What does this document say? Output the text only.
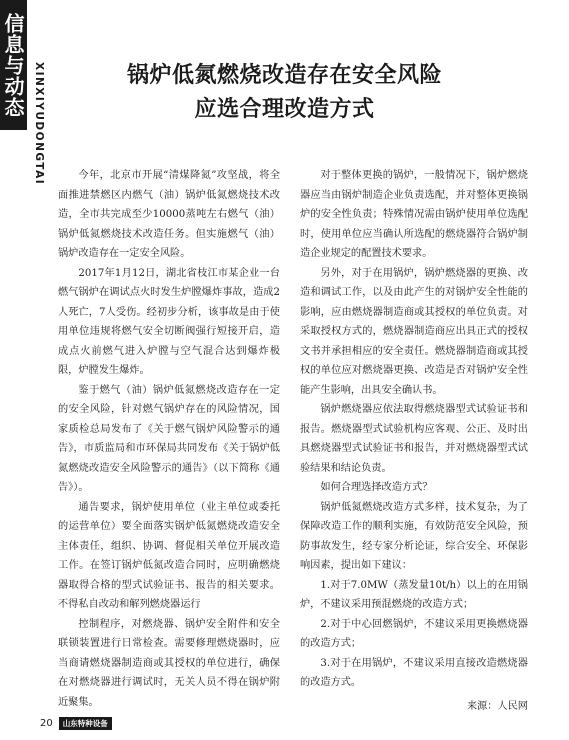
信息与动态 XINXIYUDONGTAI	锅炉低氮燃烧改造存在安全风险
应选合理改造方式

今年，北京市开展“清煤降氮”攻坚战，将全面推进禁燃区内燃气（油）锅炉低氮燃烧技术改造，全市共完成至少10000蒸吨左右燃气（油）锅炉低氮燃烧技术改造任务。但实施燃气（油）锅炉改造存在一定安全风险。

2017年1月12日，湖北省枝江市某企业一台燃气锅炉在调试点火时发生炉膛爆炸事故，造成2人死亡，7人受伤。经初步分析，该事故是由于使用单位违规将燃气安全切断阀强行短接开启，造成点火前燃气进入炉膛与空气混合达到爆炸极限，炉膛发生爆炸。

鉴于燃气（油）锅炉低氮燃烧改造存在一定的安全风险，针对燃气锅炉存在的风险情况，国家质检总局发布了《关于燃气锅炉风险警示的通告》，市质监局和市环保局共同发布《关于锅炉低氮燃烧改造安全风险警示的通告》（以下简称《通告》）。

通告要求，锅炉使用单位（业主单位或委托的运营单位）要全面落实锅炉低氮燃烧改造安全主体责任，组织、协调、督促相关单位开展改造工作。在签订锅炉低氮改造合同时，应明确燃烧器取得合格的型式试验证书、报告的相关要求。不得私自改动和解列燃烧器运行

控制程序，对燃烧器、锅炉安全附件和安全联锁装置进行日常检查。需要修理燃烧器时，应当商请燃烧器制造商或其授权的单位进行，确保在对燃烧器进行调试时，无关人员不得在锅炉附近聚集。

对于整体更换的锅炉，一般情况下，锅炉燃烧器应当由锅炉制造企业负责选配，并对整体更换锅炉的安全性负责；特殊情况需由锅炉使用单位选配时，使用单位应当确认所选配的燃烧器符合锅炉制造企业规定的配置技术要求。

另外，对于在用锅炉，锅炉燃烧器的更换、改造和调试工作，以及由此产生的对锅炉安全性能的影响，应由燃烧器制造商或其授权的单位负责。对采取授权方式的，燃烧器制造商应出具正式的授权文书并承担相应的安全责任。燃烧器制造商或其授权的单位应对燃烧器更换、改造是否对锅炉安全性能产生影响，出具安全确认书。

锅炉燃烧器应依法取得燃烧器型式试验证书和报告。燃烧器型式试验机构应客观、公正、及时出具燃烧器型式试验证书和报告，并对燃烧器型式试验结果和结论负责。

如何合理选择改造方式？

锅炉低氮燃烧改造方式多样，技术复杂，为了保障改造工作的顺利实施，有效防范安全风险，预防事故发生，经专家分析论证，综合安全、环保影响因素，提出如下建议：

1.对于7.0MW（蒸发量10t/h）以上的在用锅炉，不建议采用预混燃烧的改造方式；

2.对于中心回燃锅炉，不建议采用更换燃烧器的改造方式；

3.对于在用锅炉，不建议采用直接改造燃烧器的改造方式。

来源：人民网

20	山东特种设备
